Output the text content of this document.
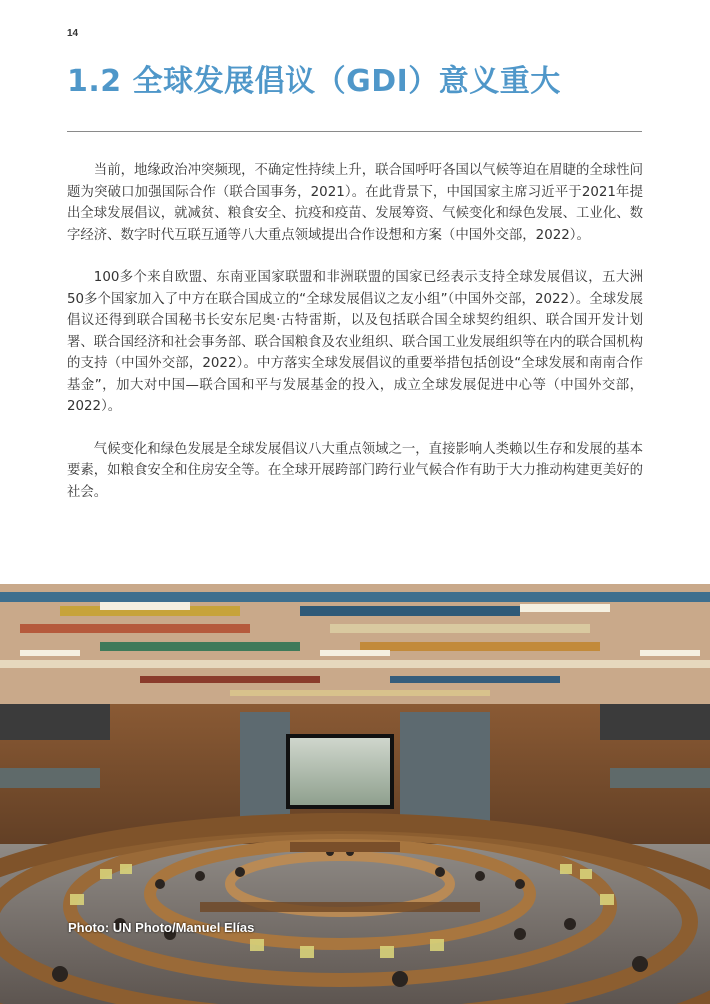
14
1.2 全球发展倡议（GDI）意义重大

当前，地缘政治冲突频现，不确定性持续上升，联合国呼吁各国以气候等迫在眉睫的全球性问题为突破口加强国际合作（联合国事务，2021）。在此背景下，中国国家主席习近平于2021年提出全球发展倡议，就减贫、粮食安全、抗疫和疫苗、发展筹资、气候变化和绿色发展、工业化、数字经济、数字时代互联互通等八大重点领域提出合作设想和方案（中国外交部，2022）。

100多个来自欧盟、东南亚国家联盟和非洲联盟的国家已经表示支持全球发展倡议，五大洲50多个国家加入了中方在联合国成立的“全球发展倡议之友小组”（中国外交部，2022）。全球发展倡议还得到联合国秘书长安东尼奥·古特雷斯，以及包括联合国全球契约组织、联合国开发计划署、联合国经济和社会事务部、联合国粮食及农业组织、联合国工业发展组织等在内的联合国机构的支持（中国外交部，2022）。中方落实全球发展倡议的重要举措包括创设“全球发展和南南合作基金”，加大对中国—联合国和平与发展基金的投入，成立全球发展促进中心等（中国外交部，2022）。

气候变化和绿色发展是全球发展倡议八大重点领域之一，直接影响人类赖以生存和发展的基本要素，如粮食安全和住房安全等。在全球开展跨部门跨行业气候合作有助于大力推动构建更美好的社会。

Photo: UN Photo/Manuel Elías
